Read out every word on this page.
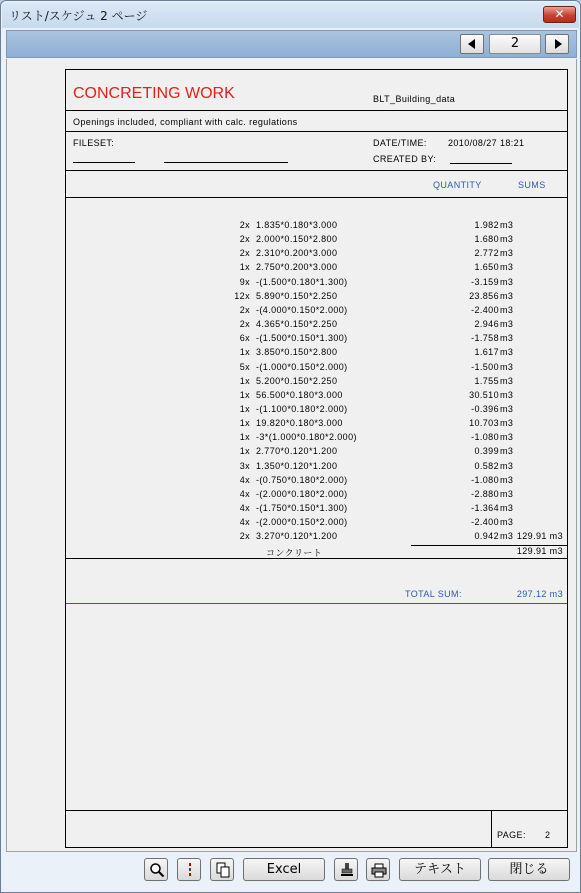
リスト/スケジュ 2 ページ	✕
2
CONCRETING WORK	BLT_Building_data
Openings included, compliant with calc. regulations
FILESET:	DATE/TIME: 2010/08/27 18:21
CREATED BY:
QUANTITY	SUMS
2x 1.835*0.180*3.000	1.982 m3
2x 2.000*0.150*2.800	1.680 m3
2x 2.310*0.200*3.000	2.772 m3
1x 2.750*0.200*3.000	1.650 m3
9x -(1.500*0.180*1.300)	-3.159 m3
12x 5.890*0.150*2.250	23.856 m3
2x -(4.000*0.150*2.000)	-2.400 m3
2x 4.365*0.150*2.250	2.946 m3
6x -(1.500*0.150*1.300)	-1.758 m3
1x 3.850*0.150*2.800	1.617 m3
5x -(1.000*0.150*2.000)	-1.500 m3
1x 5.200*0.150*2.250	1.755 m3
1x 56.500*0.180*3.000	30.510 m3
1x -(1.100*0.180*2.000)	-0.396 m3
1x 19.820*0.180*3.000	10.703 m3
1x -3*(1.000*0.180*2.000)	-1.080 m3
1x 2.770*0.120*1.200	0.399 m3
3x 1.350*0.120*1.200	0.582 m3
4x -(0.750*0.180*2.000)	-1.080 m3
4x -(2.000*0.180*2.000)	-2.880 m3
4x -(1.750*0.150*1.300)	-1.364 m3
4x -(2.000*0.150*2.000)	-2.400 m3
2x 3.270*0.120*1.200	0.942 m3 129.91 m3
コンクリート	129.91 m3
TOTAL SUM:	297.12 m3
PAGE: 2
Excel	テキスト	閉じる
